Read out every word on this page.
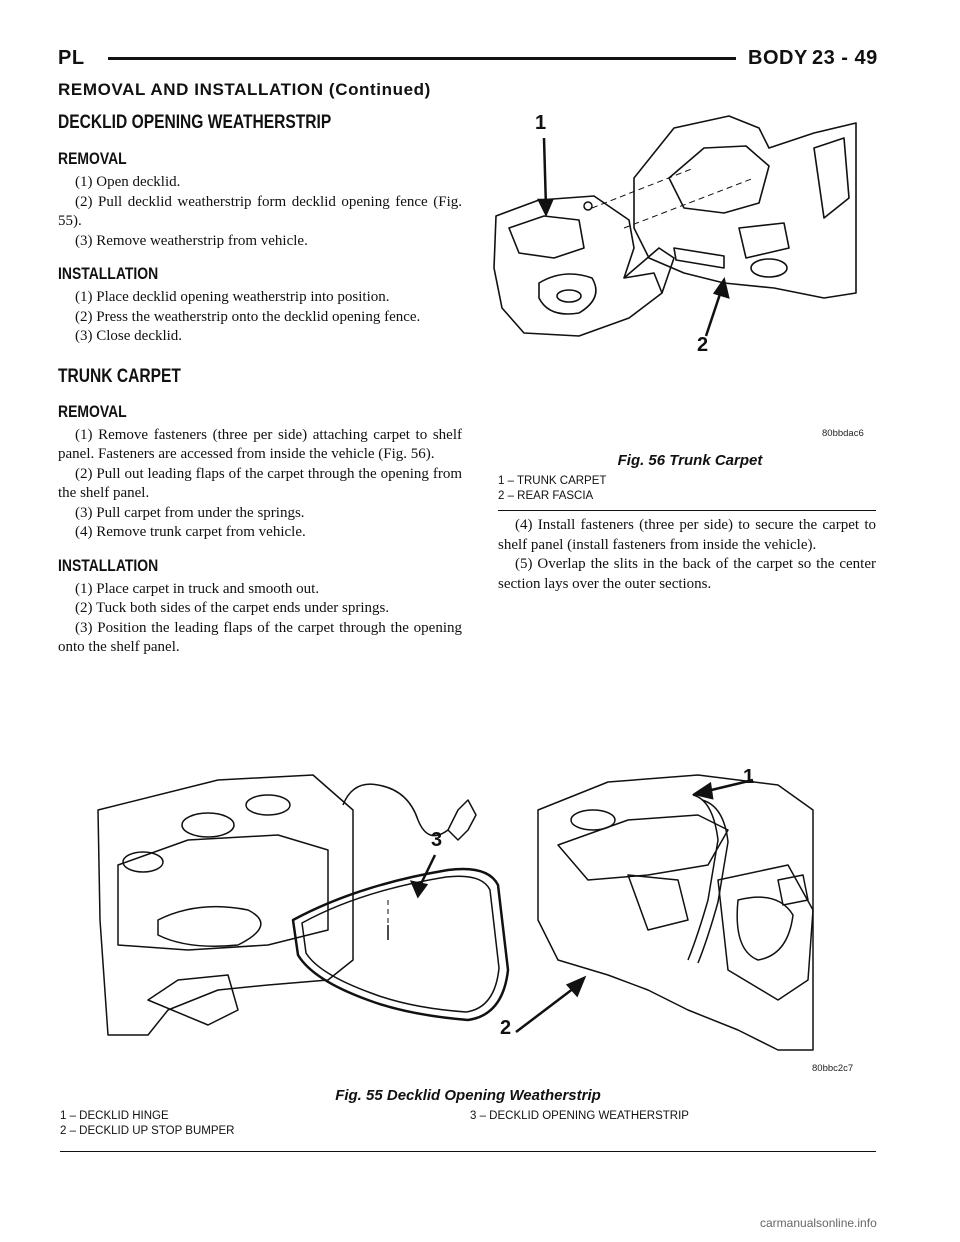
PL	BODY 23 - 49
REMOVAL AND INSTALLATION (Continued)
DECKLID OPENING WEATHERSTRIP
REMOVAL

(1) Open decklid.

(2) Pull decklid weatherstrip form decklid opening fence (Fig. 55).

(3) Remove weatherstrip from vehicle.

INSTALLATION

(1) Place decklid opening weatherstrip into position.

(2) Press the weatherstrip onto the decklid opening fence.

(3) Close decklid.

TRUNK CARPET
REMOVAL

(1) Remove fasteners (three per side) attaching carpet to shelf panel. Fasteners are accessed from inside the vehicle (Fig. 56).

(2) Pull out leading flaps of the carpet through the opening from the shelf panel.

(3) Pull carpet from under the springs.

(4) Remove trunk carpet from vehicle.

INSTALLATION

(1) Place carpet in truck and smooth out.

(2) Tuck both sides of the carpet ends under springs.

(3) Position the leading flaps of the carpet through the opening onto the shelf panel.

1
2
80bbdac6
Fig. 56 Trunk Carpet
1 – TRUNK CARPET
2 – REAR FASCIA

(4) Install fasteners (three per side) to secure the carpet to shelf panel (install fasteners from inside the vehicle).

(5) Overlap the slits in the back of the carpet so the center section lays over the outer sections.

1
3
2
80bbc2c7
Fig. 55 Decklid Opening Weatherstrip
1 – DECKLID HINGE
2 – DECKLID UP STOP BUMPER
3 – DECKLID OPENING WEATHERSTRIP
carmanualsonline.info
